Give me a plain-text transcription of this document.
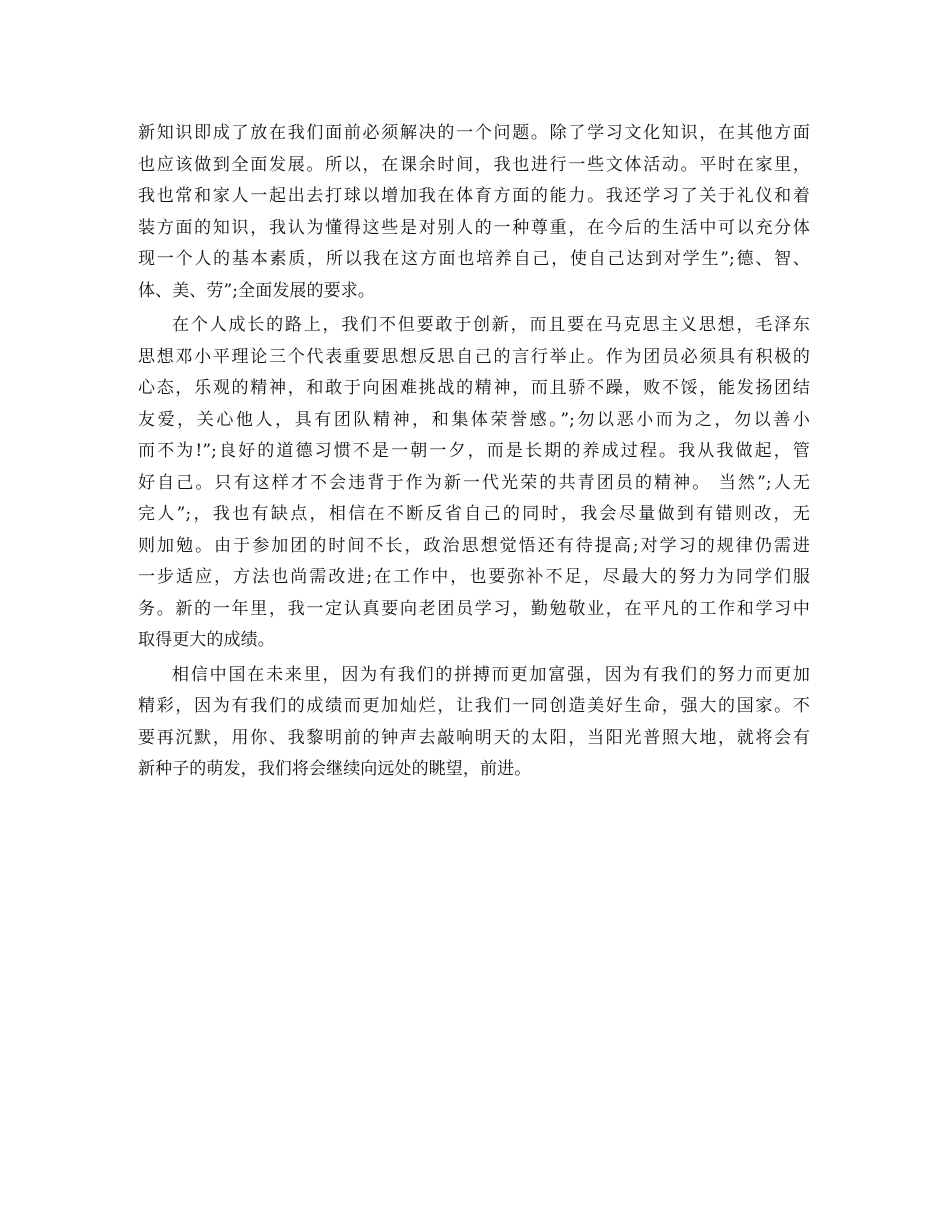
新知识即成了放在我们面前必须解决的一个问题。除了学习文化知识，在其他方面
也应该做到全面发展。所以，在课余时间，我也进行一些文体活动。平时在家里，
我也常和家人一起出去打球以增加我在体育方面的能力。我还学习了关于礼仪和着
装方面的知识，我认为懂得这些是对别人的一种尊重，在今后的生活中可以充分体
现一个人的基本素质，所以我在这方面也培养自己，使自己达到对学生”;德、智、
体、美、劳”;全面发展的要求。
在个人成长的路上，我们不但要敢于创新，而且要在马克思主义思想，毛泽东
思想邓小平理论三个代表重要思想反思自己的言行举止。作为团员必须具有积极的
心态，乐观的精神，和敢于向困难挑战的精神，而且骄不躁，败不馁，能发扬团结
友爱，关心他人，具有团队精神，和集体荣誉感。”;勿以恶小而为之，勿以善小
而不为!”;良好的道德习惯不是一朝一夕，而是长期的养成过程。我从我做起，管
好自己。只有这样才不会违背于作为新一代光荣的共青团员的精神。 当然”;人无
完人”;，我也有缺点，相信在不断反省自己的同时，我会尽量做到有错则改，无
则加勉。由于参加团的时间不长，政治思想觉悟还有待提高;对学习的规律仍需进
一步适应，方法也尚需改进;在工作中，也要弥补不足，尽最大的努力为同学们服
务。新的一年里，我一定认真要向老团员学习，勤勉敬业，在平凡的工作和学习中
取得更大的成绩。
相信中国在未来里，因为有我们的拼搏而更加富强，因为有我们的努力而更加
精彩，因为有我们的成绩而更加灿烂，让我们一同创造美好生命，强大的国家。不
要再沉默，用你、我黎明前的钟声去敲响明天的太阳，当阳光普照大地，就将会有
新种子的萌发，我们将会继续向远处的眺望，前进。
